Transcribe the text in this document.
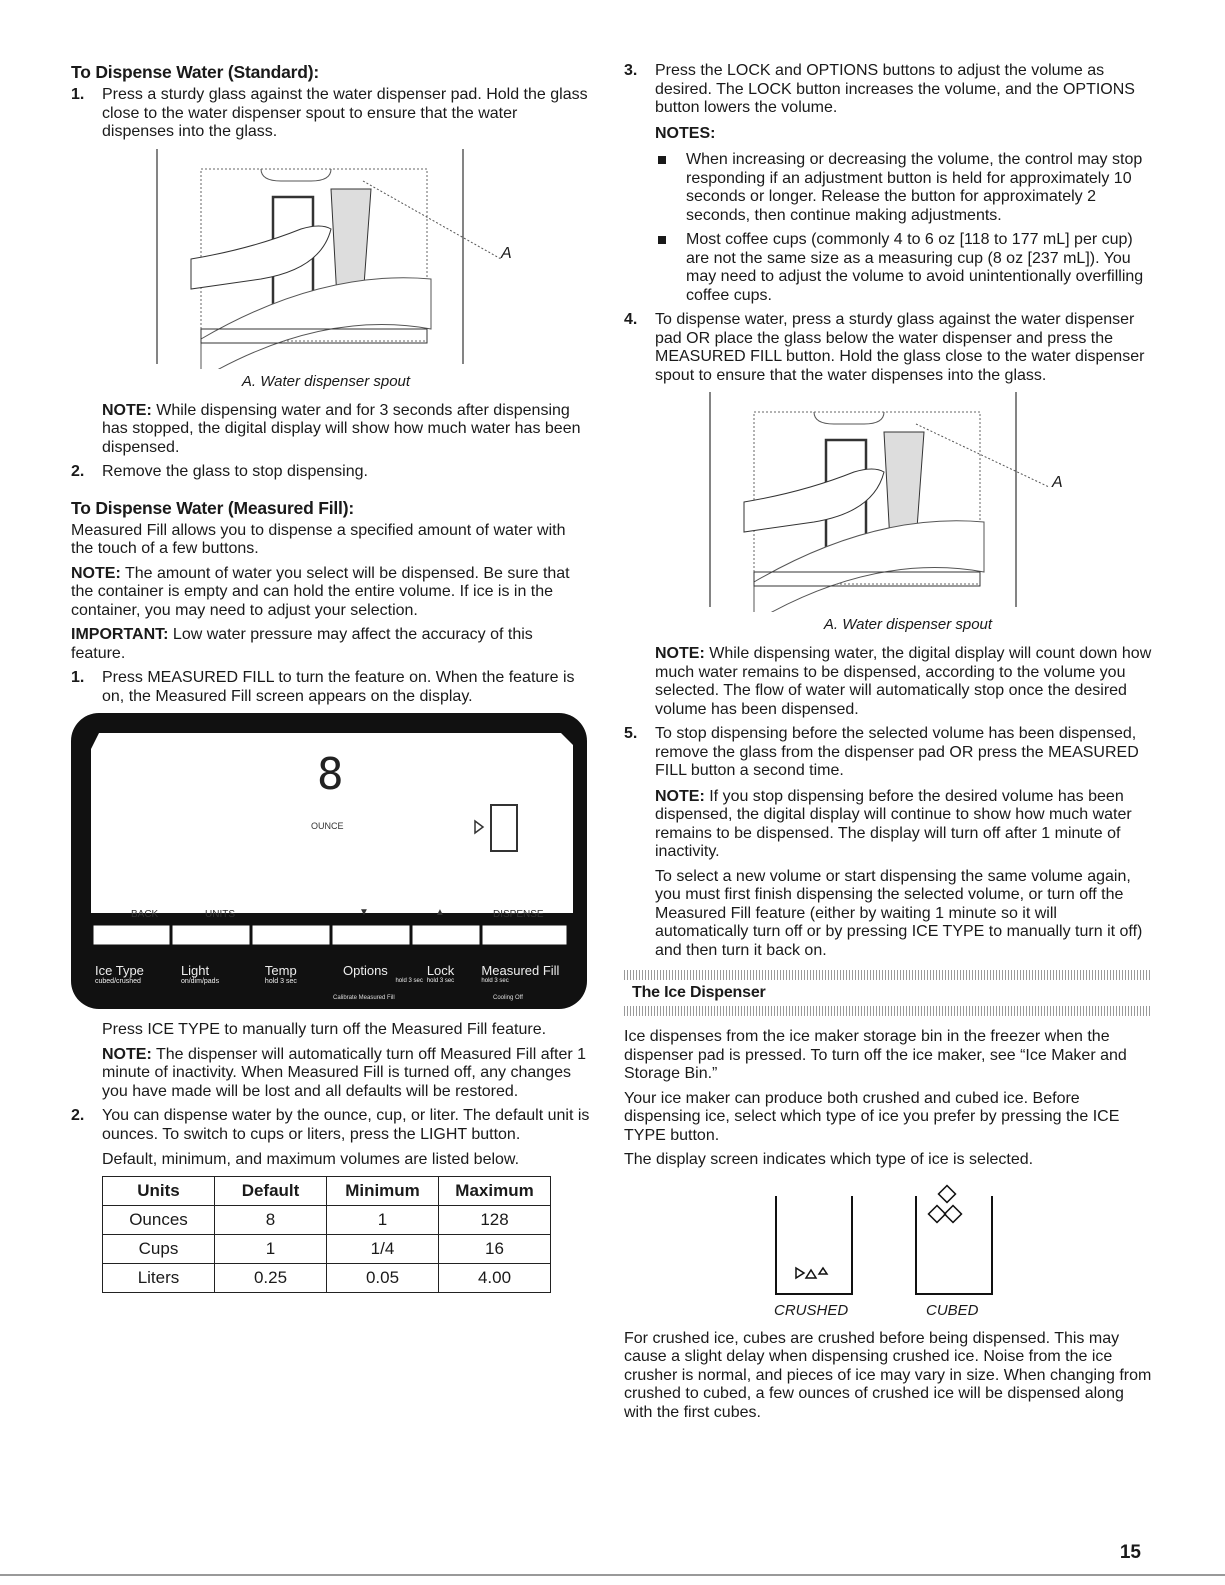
To Dispense Water (Standard):
1. Press a sturdy glass against the water dispenser pad. Hold the glass close to the water dispenser spout to ensure that the water dispenses into the glass.
A
A. Water dispenser spout

NOTE: While dispensing water and for 3 seconds after dispensing has stopped, the digital display will show how much water has been dispensed.

2. Remove the glass to stop dispensing.
To Dispense Water (Measured Fill):

Measured Fill allows you to dispense a specified amount of water with the touch of a few buttons.

NOTE: The amount of water you select will be dispensed. Be sure that the container is empty and can hold the entire volume. If ice is in the container, you may need to adjust your selection.

IMPORTANT: Low water pressure may affect the accuracy of this feature.

1. Press MEASURED FILL to turn the feature on. When the feature is on, the Measured Fill screen appears on the display.
8
OUNCE
BACK	UNITS	▼	▲	DISPENSE
Ice Type
cubed/crushed
Light
on/dim/pads
Temp
hold 3 sec
Options
hold 3 sec
Lock
hold 3 sec
Measured Fill
hold 3 sec
Calibrate Measured Fill	Cooling Off

Press ICE TYPE to manually turn off the Measured Fill feature.

NOTE: The dispenser will automatically turn off Measured Fill after 1 minute of inactivity. When Measured Fill is turned off, any changes you have made will be lost and all defaults will be restored.

2. You can dispense water by the ounce, cup, or liter. The default unit is ounces. To switch to cups or liters, press the LIGHT button.

Default, minimum, and maximum volumes are listed below.

Units	Default	Minimum	Maximum
Ounces	8	1	128
Cups	1	1/4	16
Liters	0.25	0.05	4.00
3. Press the LOCK and OPTIONS buttons to adjust the volume as desired. The LOCK button increases the volume, and the OPTIONS button lowers the volume.

NOTES:

When increasing or decreasing the volume, the control may stop responding if an adjustment button is held for approximately 10 seconds or longer. Release the button for approximately 2 seconds, then continue making adjustments.
Most coffee cups (commonly 4 to 6 oz [118 to 177 mL] per cup) are not the same size as a measuring cup (8 oz [237 mL]). You may need to adjust the volume to avoid unintentionally overfilling coffee cups.
4. To dispense water, press a sturdy glass against the water dispenser pad OR place the glass below the water dispenser and press the MEASURED FILL button. Hold the glass close to the water dispenser spout to ensure that the water dispenses into the glass.
A
A. Water dispenser spout

NOTE: While dispensing water, the digital display will count down how much water remains to be dispensed, according to the volume you selected. The flow of water will automatically stop once the desired volume has been dispensed.

5. To stop dispensing before the selected volume has been dispensed, remove the glass from the dispenser pad OR press the MEASURED FILL button a second time.

NOTE: If you stop dispensing before the desired volume has been dispensed, the digital display will continue to show how much water remains to be dispensed. The display will turn off after 1 minute of inactivity.

To select a new volume or start dispensing the same volume again, you must first finish dispensing the selected volume, or turn off the Measured Fill feature (either by waiting 1 minute so it will automatically turn off or by pressing ICE TYPE to manually turn it off) and then turn it back on.

The Ice Dispenser

Ice dispenses from the ice maker storage bin in the freezer when the dispenser pad is pressed. To turn off the ice maker, see “Ice Maker and Storage Bin.”

Your ice maker can produce both crushed and cubed ice. Before dispensing ice, select which type of ice you prefer by pressing the ICE TYPE button.

The display screen indicates which type of ice is selected.

CRUSHED	CUBED

For crushed ice, cubes are crushed before being dispensed. This may cause a slight delay when dispensing crushed ice. Noise from the ice crusher is normal, and pieces of ice may vary in size. When changing from crushed to cubed, a few ounces of crushed ice will be dispensed along with the first cubes.

15
